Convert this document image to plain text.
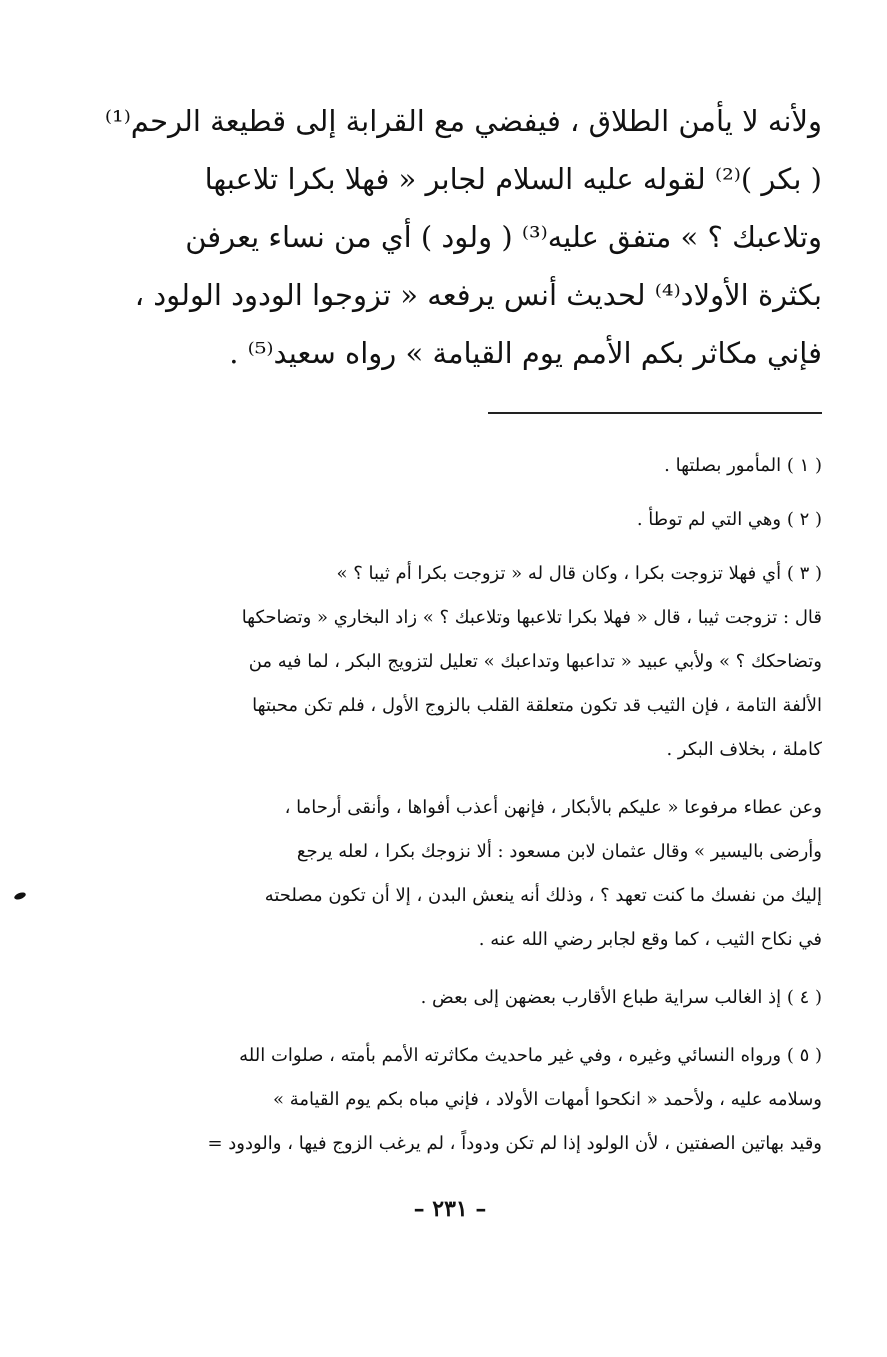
ولأنه لا يأمن الطلاق ، فيفضي مع القرابة إلى قطيعة الرحم⁽¹⁾
( بكر )⁽²⁾ لقوله عليه السلام لجابر « فهلا بكرا تلاعبها
وتلاعبك ؟ » متفق عليه⁽³⁾ ( ولود ) أي من نساء يعرفن
بكثرة الأولاد⁽⁴⁾ لحديث أنس يرفعه « تزوجوا الودود الولود ،
فإني مكاثر بكم الأمم يوم القيامة » رواه سعيد⁽⁵⁾ .
( ١ ) المأمور بصلتها .
( ٢ ) وهي التي لم توطأ .
( ٣ ) أي فهلا تزوجت بكرا ، وكان قال له « تزوجت بكرا أم ثيبا ؟ »
قال : تزوجت ثيبا ، قال « فهلا بكرا تلاعبها وتلاعبك ؟ » زاد البخاري « وتضاحكها
وتضاحكك ؟ » ولأبي عبيد « تداعبها وتداعبك » تعليل لتزويج البكر ، لما فيه من
الألفة التامة ، فإن الثيب قد تكون متعلقة القلب بالزوج الأول ، فلم تكن محبتها
كاملة ، بخلاف البكر .
وعن عطاء مرفوعا « عليكم بالأبكار ، فإنهن أعذب أفواها ، وأنقى أرحاما ،
وأرضى باليسير » وقال عثمان لابن مسعود : ألا نزوجك بكرا ، لعله يرجع
إليك من نفسك ما كنت تعهد ؟ ، وذلك أنه ينعش البدن ، إلا أن تكون مصلحته
في نكاح الثيب ، كما وقع لجابر رضي الله عنه .
( ٤ ) إذ الغالب سراية طباع الأقارب بعضهن إلى بعض .
( ٥ ) ورواه النسائي وغيره ، وفي غير ماحديث مكاثرته الأمم بأمته ، صلوات الله
وسلامه عليه ، ولأحمد « انكحوا أمهات الأولاد ، فإني مباه بكم يوم القيامة »
وقيد بهاتين الصفتين ، لأن الولود إذا لم تكن ودوداً ، لم يرغب الزوج فيها ، والودود =
– ٢٣١ –
